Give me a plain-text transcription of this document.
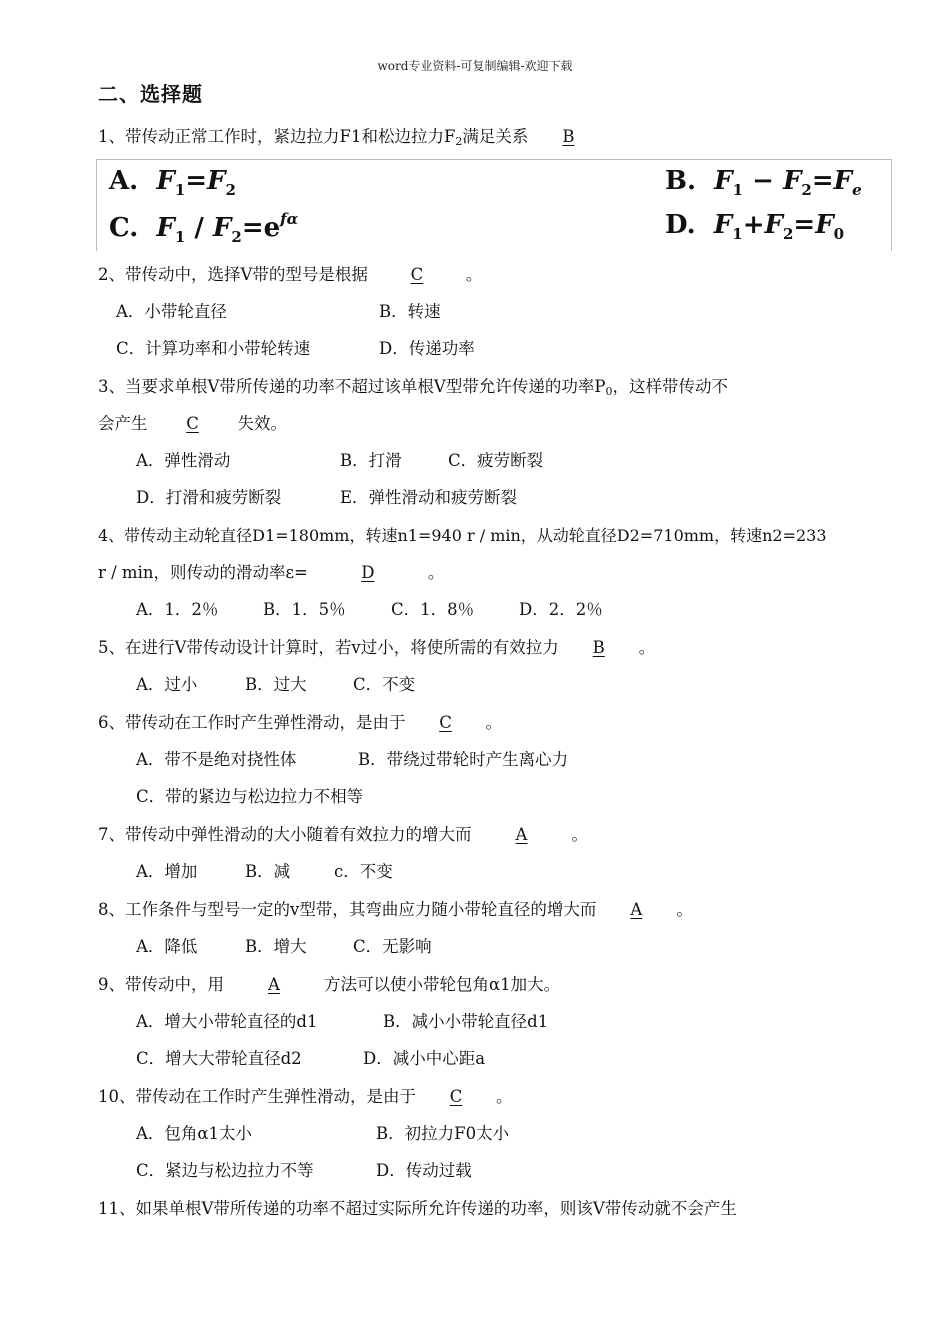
word专业资料-可复制编辑-欢迎下载
二、选择题
1、带传动正常工作时，紧边拉力F1和松边拉力$F_2$满足关系 B
A. $F_1=F_2$	B. $F_1 - F_2=F_e$
C. $F_1 / F_2=e^{f\alpha}$	D. $F_1+F_2=F_0$
2、带传动中，选择V带的型号是根据	C	。
A．小带轮直径	B．转速
C．计算功率和小带轮转速	D．传递功率
3、当要求单根V带所传递的功率不超过该单根V型带允许传递的功率$P_0$，这样带传动不
会产生 C 失效。
A．弹性滑动	B．打滑	C．疲劳断裂
D．打滑和疲劳断裂	E．弹性滑动和疲劳断裂
4、带传动主动轮直径D1=180mm，转速n1=940 r / min，从动轮直径D2=710mm，转速n2=233
r / min，则传动的滑动率ε=	D	。
A．1．2％	B．1．5％	C．1．8％	D．2．2％
5、在进行V带传动设计计算时，若v过小，将使所需的有效拉力 B 。
A．过小	B．过大	C．不变
6、带传动在工作时产生弹性滑动，是由于 C 。
A．带不是绝对挠性体	B．带绕过带轮时产生离心力
C．带的紧边与松边拉力不相等
7、带传动中弹性滑动的大小随着有效拉力的增大而	A	。
A．增加	B．减	c．不变
8、工作条件与型号一定的v型带，其弯曲应力随小带轮直径的增大而 A 。
A．降低	B．增大	C．无影响
9、带传动中，用	A	方法可以使小带轮包角α1加大。
A．增大小带轮直径的d1	B．减小小带轮直径d1
C．增大大带轮直径d2	D．减小中心距a
10、带传动在工作时产生弹性滑动，是由于 C 。
A．包角α1太小	B．初拉力F0太小
C．紧边与松边拉力不等	D．传动过载
11、如果单根V带所传递的功率不超过实际所允许传递的功率，则该V带传动就不会产生
